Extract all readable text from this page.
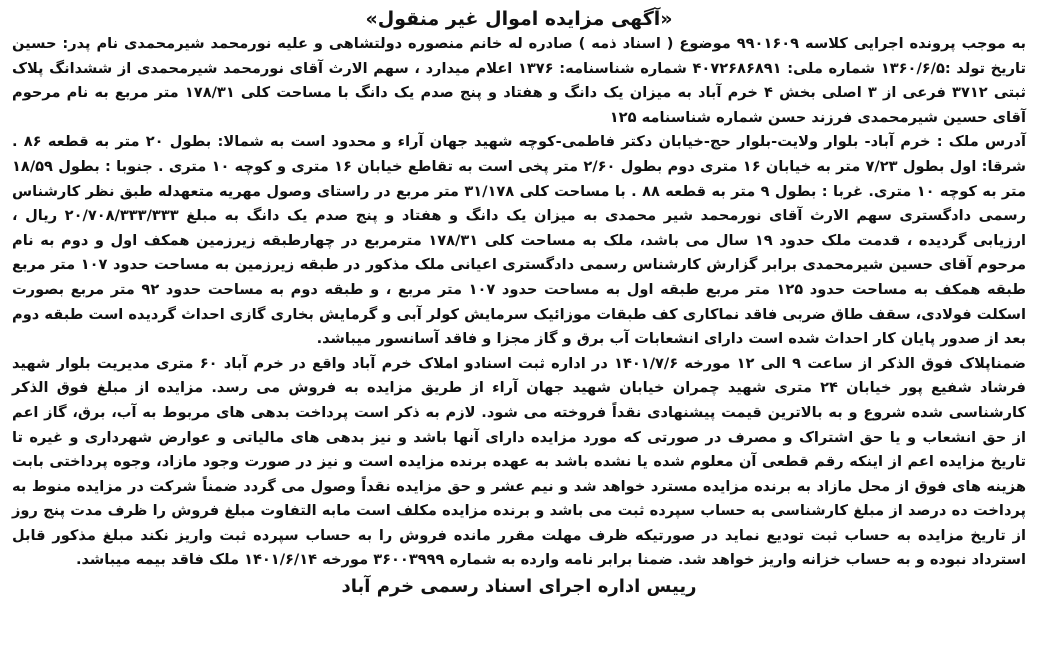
«آگهی مزایده اموال غیر منقول»

به موجب پرونده اجرایی کلاسه ۹۹۰۱۶۰۹ موضوع ( اسناد ذمه ) صادره له خانم منصوره دولتشاهی و علیه نورمحمد شیرمحمدی نام پدر: حسین تاریخ تولد :۱۳۶۰/۶/۵ شماره ملی: ۴۰۷۲۶۸۶۸۹۱ شماره شناسنامه: ۱۳۷۶ اعلام میدارد ، سهم الارث آقای نورمحمد شیرمحمدی از ششدانگ پلاک ثبتی ۳۷۱۲ فرعی از ۳ اصلی بخش ۴ خرم آباد به میزان یک دانگ و هفتاد و پنج صدم یک دانگ با مساحت کلی ۱۷۸/۳۱ متر مربع به نام مرحوم آقای حسین شیرمحمدی فرزند حسن شماره شناسنامه ۱۲۵

آدرس ملک : خرم آباد- بلوار ولایت-بلوار حج-خیابان دکتر فاطمی-کوچه شهید جهان آراء و محدود است به شمالا: بطول ۲۰ متر به قطعه ۸۶ . شرقا: اول بطول ۷/۲۳ متر به خیابان ۱۶ متری دوم بطول ۲/۶۰ متر پخی است به تقاطع خیابان ۱۶ متری و کوچه ۱۰ متری . جنوبا : بطول ۱۸/۵۹ متر به کوچه ۱۰ متری. غربا : بطول ۹ متر به قطعه ۸۸ . با مساحت کلی ۳۱/۱۷۸ متر مربع در راستای وصول مهریه متعهدله طبق نظر کارشناس رسمی دادگستری سهم الارث آقای نورمحمد شیر محمدی به میزان یک دانگ و هفتاد و پنج صدم یک دانگ به مبلغ ۲۰/۷۰۸/۳۳۳/۳۳۳ ریال ، ارزیابی گردیده ، قدمت ملک حدود ۱۹ سال می باشد، ملک به مساحت کلی ۱۷۸/۳۱ مترمربع در چهارطبقه زیرزمین همکف اول و دوم به نام مرحوم آقای حسین شیرمحمدی برابر گزارش کارشناس رسمی دادگستری اعیانی ملک مذکور در طبقه زیرزمین به مساحت حدود ۱۰۷ متر مربع طبقه همکف به مساحت حدود ۱۲۵ متر مربع طبقه اول به مساحت حدود ۱۰۷ متر مربع ، و طبقه دوم به مساحت حدود ۹۲ متر مربع بصورت اسکلت فولادی، سقف طاق ضربی فاقد نماکاری کف طبقات موزائیک سرمایش کولر آبی و گرمایش بخاری گازی احداث گردیده است طبقه دوم بعد از صدور پایان کار احداث شده است دارای انشعابات آب برق و گاز مجزا و فاقد آسانسور میباشد.

ضمناپلاک فوق الذکر از ساعت ۹ الی ۱۲ مورخه ۱۴۰۱/۷/۶ در اداره ثبت اسنادو املاک خرم آباد واقع در خرم آباد ۶۰ متری مدیریت بلوار شهید فرشاد شفیع پور خیابان ۲۴ متری شهید چمران خیابان شهید جهان آراء از طریق مزایده به فروش می رسد. مزایده از مبلغ فوق الذکر کارشناسی شده شروع و به بالاترین قیمت پیشنهادی نقداً فروخته می شود. لازم به ذکر است پرداخت بدهی های مربوط به آب، برق، گاز اعم از حق انشعاب و یا حق اشتراک و مصرف در صورتی که مورد مزایده دارای آنها باشد و نیز بدهی های مالیاتی و عوارض شهرداری و غیره تا تاریخ مزایده اعم از اینکه رقم قطعی آن معلوم شده یا نشده باشد به عهده برنده مزایده است و نیز در صورت وجود مازاد، وجوه پرداختی بابت هزینه های فوق از محل مازاد به برنده مزایده مسترد خواهد شد و نیم عشر و حق مزایده نقداً وصول می گردد ضمناً شرکت در مزایده منوط به پرداخت ده درصد از مبلغ کارشناسی به حساب سپرده ثبت می باشد و برنده مزایده مکلف است مابه التفاوت مبلغ فروش را ظرف مدت پنج روز از تاریخ مزایده به حساب ثبت تودیع نماید در صورتیکه ظرف مهلت مقرر مانده فروش را به حساب سپرده ثبت واریز نکند مبلغ مذکور قابل استرداد نبوده و به حساب خزانه واریز خواهد شد. ضمنا برابر نامه وارده به شماره ۳۶۰۰۳۹۹۹ مورخه ۱۴۰۱/۶/۱۴ ملک فاقد بیمه میباشد.

رییس اداره اجرای اسناد رسمی خرم آباد
